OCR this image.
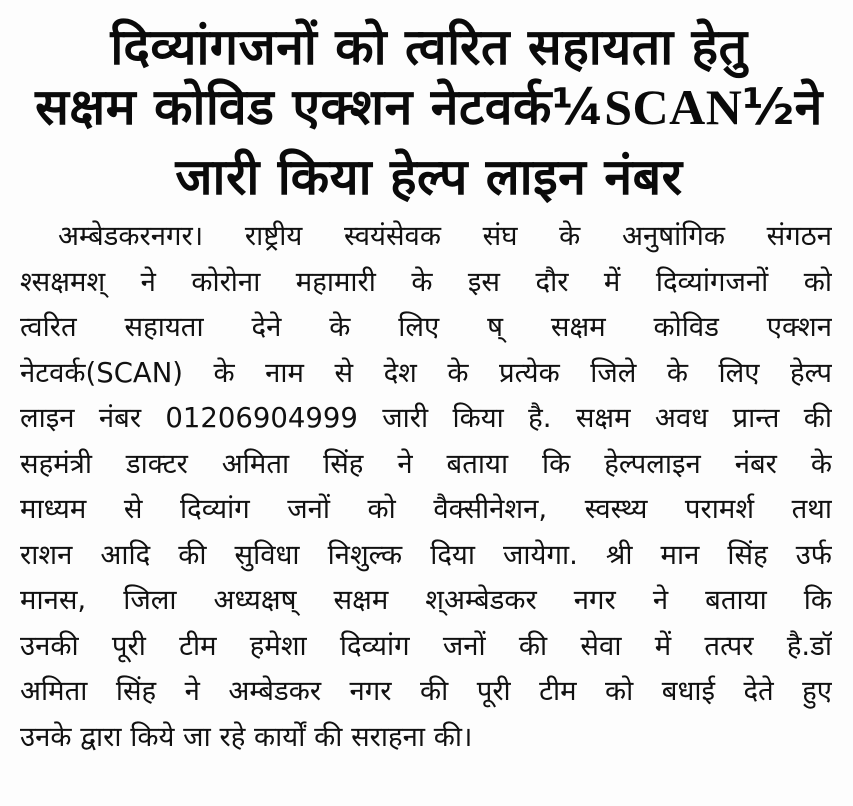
दिव्यांगजनों को त्वरित सहायता हेतु
सक्षम कोविड एक्शन नेटवर्क¼SCAN½ने
जारी किया हेल्प लाइन नंबर
अम्बेडकरनगर। राष्ट्रीय स्वयंसेवक संघ के अनुषांगिक संगठन
श्सक्षमश् ने कोरोना महामारी के इस दौर में दिव्यांगजनों को
त्वरित सहायता देने के लिए ष् सक्षम कोविड एक्शन
नेटवर्क(SCAN) के नाम से देश के प्रत्येक जिले के लिए हेल्प
लाइन नंबर 01206904999 जारी किया है. सक्षम अवध प्रान्त की
सहमंत्री डाक्टर अमिता सिंह ने बताया कि हेल्पलाइन नंबर के
माध्यम से दिव्यांग जनों को वैक्सीनेशन, स्वस्थ्य परामर्श तथा
राशन आदि की सुविधा निशुल्क दिया जायेगा. श्री मान सिंह उर्फ
मानस, जिला अध्यक्षष् सक्षम श्अम्बेडकर नगर ने बताया कि
उनकी पूरी टीम हमेशा दिव्यांग जनों की सेवा में तत्पर है.डॉ
अमिता सिंह ने अम्बेडकर नगर की पूरी टीम को बधाई देते हुए
उनके द्वारा किये जा रहे कार्यों की सराहना की।
